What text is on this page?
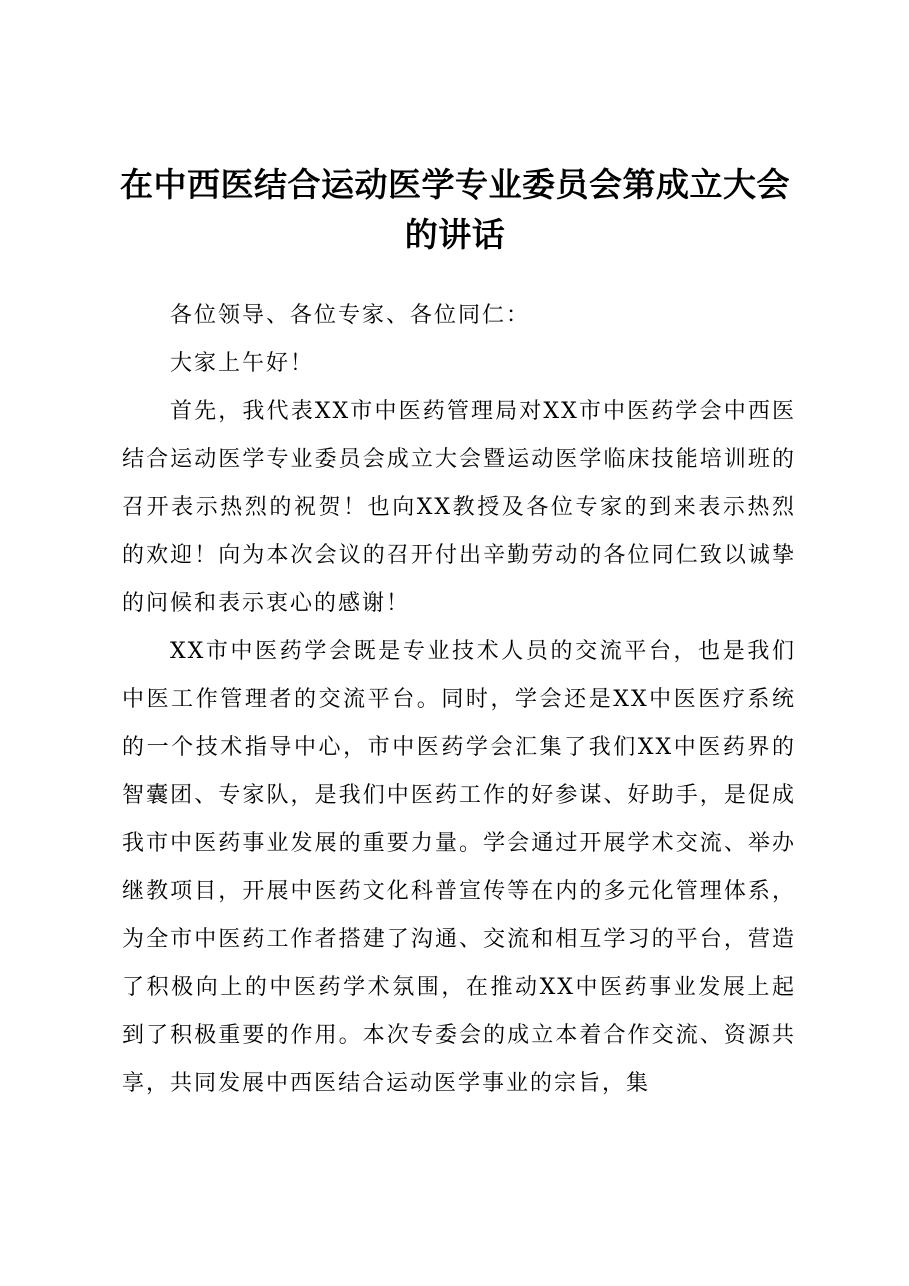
在中西医结合运动医学专业委员会第成立大会
的讲话

各位领导、各位专家、各位同仁：

大家上午好！

首先，我代表XX市中医药管理局对XX市中医药学会中西医结合运动医学专业委员会成立大会暨运动医学临床技能培训班的召开表示热烈的祝贺！也向XX教授及各位专家的到来表示热烈的欢迎！向为本次会议的召开付出辛勤劳动的各位同仁致以诚挚的问候和表示衷心的感谢！

XX市中医药学会既是专业技术人员的交流平台，也是我们中医工作管理者的交流平台。同时，学会还是XX中医医疗系统的一个技术指导中心，市中医药学会汇集了我们XX中医药界的智囊团、专家队，是我们中医药工作的好参谋、好助手，是促成我市中医药事业发展的重要力量。学会通过开展学术交流、举办继教项目，开展中医药文化科普宣传等在内的多元化管理体系，为全市中医药工作者搭建了沟通、交流和相互学习的平台，营造了积极向上的中医药学术氛围，在推动XX中医药事业发展上起到了积极重要的作用。本次专委会的成立本着合作交流、资源共享，共同发展中西医结合运动医学事业的宗旨，集
